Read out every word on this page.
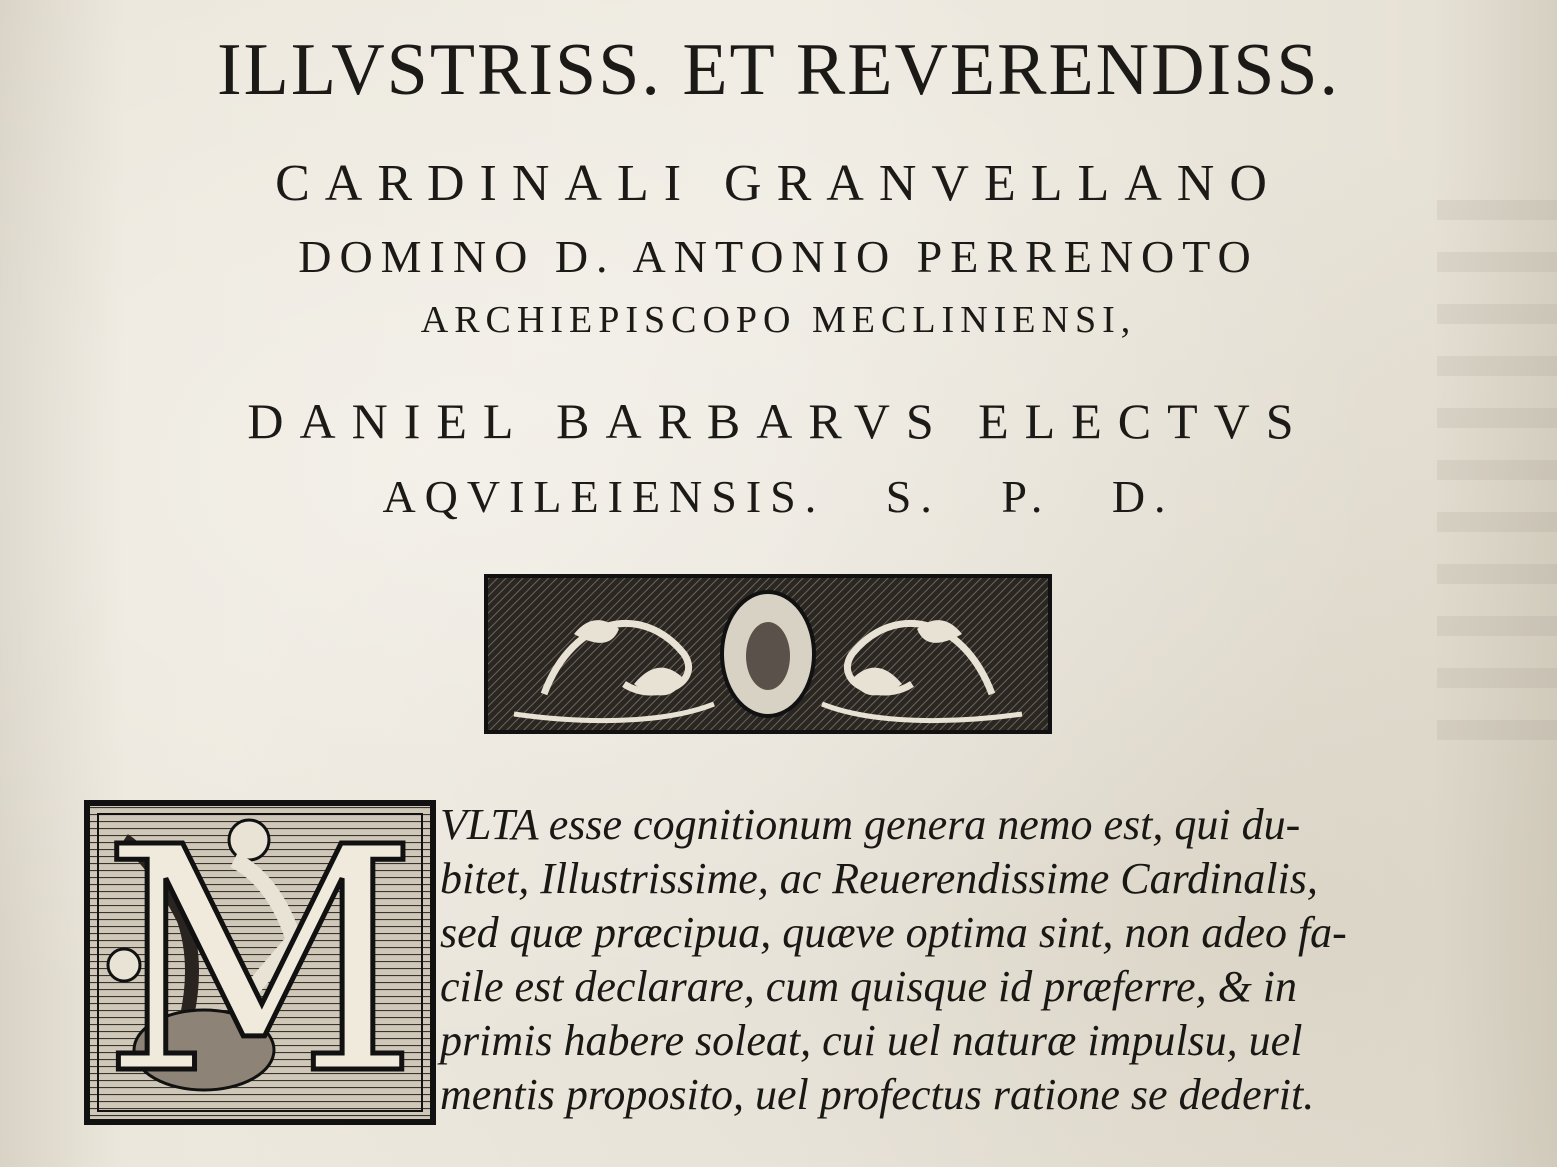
ILLVSTRISS. ET REVERENDISS.
CARDINALI GRANVELLANO
DOMINO D. ANTONIO PERRENOTO
ARCHIEPISCOPO MECLINIENSI,
DANIEL BARBARVS ELECTVS
AQVILEIENSIS. S. P. D.
M VLTA esse cognitionum genera nemo est, qui du-
bitet, Illustrissime, ac Reuerendissime Cardinalis,
sed quæ præcipua, quæve optima sint, non adeo fa-
cile est declarare, cum quisque id præferre, & in
primis habere soleat, cui uel naturæ impulsu, uel
mentis proposito, uel profectus ratione se dederit.
